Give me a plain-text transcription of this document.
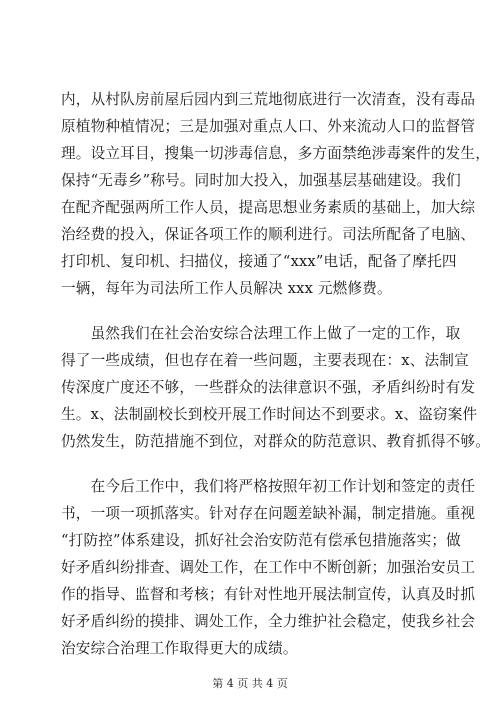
内，从村队房前屋后园内到三荒地彻底进行一次清查，没有毒品
原植物种植情况；三是加强对重点人口、外来流动人口的监督管
理。设立耳目，搜集一切涉毒信息，多方面禁绝涉毒案件的发生，
保持“无毒乡”称号。同时加大投入，加强基层基础建设。我们
在配齐配强两所工作人员，提高思想业务素质的基础上，加大综
治经费的投入，保证各项工作的顺利进行。司法所配备了电脑、
打印机、复印机、扫描仪，接通了“xxx”电话，配备了摩托四
一辆，每年为司法所工作人员解决 xxx 元燃修费。
　　虽然我们在社会治安综合法理工作上做了一定的工作，取
得了一些成绩，但也存在着一些问题，主要表现在：x、法制宣
传深度广度还不够，一些群众的法律意识不强，矛盾纠纷时有发
生。x、法制副校长到校开展工作时间达不到要求。x、盗窃案件
仍然发生，防范措施不到位，对群众的防范意识、教育抓得不够。
　　在今后工作中，我们将严格按照年初工作计划和签定的责任
书，一项一项抓落实。针对存在问题差缺补漏，制定措施。重视
“打防控”体系建设，抓好社会治安防范有偿承包措施落实；做
好矛盾纠纷排查、调处工作，在工作中不断创新；加强治安员工
作的指导、监督和考核；有针对性地开展法制宣传，认真及时抓
好矛盾纠纷的摸排、调处工作，全力维护社会稳定，使我乡社会
治安综合治理工作取得更大的成绩。
第 4 页 共 4 页
